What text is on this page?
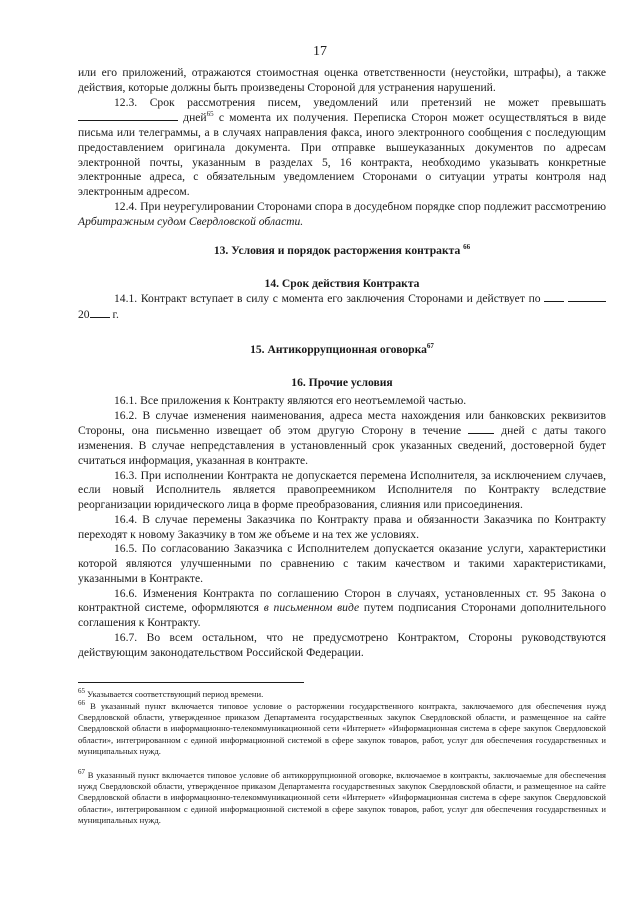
17

или его приложений, отражаются стоимостная оценка ответственности (неустойки, штрафы), а также действия, которые должны быть произведены Стороной для устранения нарушений.

12.3. Срок рассмотрения писем, уведомлений или претензий не может превышать  дней$^{65}$ с момента их получения. Переписка Сторон может осуществляться в виде письма или телеграммы, а в случаях направления факса, иного электронного сообщения с последующим предоставлением оригинала документа. При отправке вышеуказанных документов по адресам электронной почты, указанным в разделах 5, 16 контракта, необходимо указывать конкретные электронные адреса, с обязательным уведомлением Сторонами о ситуации утраты контроля над электронным адресом.

12.4. При неурегулировании Сторонами спора в досудебном порядке спор подлежит рассмотрению Арбитражным судом Свердловской области.

13. Условия и порядок расторжения контракта $^{66}$

14. Срок действия Контракта

14.1. Контракт вступает в силу с момента его заключения Сторонами и действует по   20 г.

15. Антикоррупционная оговорка$^{67}$

16. Прочие условия

16.1. Все приложения к Контракту являются его неотъемлемой частью.

16.2. В случае изменения наименования, адреса места нахождения или банковских реквизитов Стороны, она письменно извещает об этом другую Сторону в течение	дней с даты такого изменения. В случае непредставления в установленный срок указанных сведений, достоверной будет считаться информация, указанная в контракте.

16.3. При исполнении Контракта не допускается перемена Исполнителя, за исключением случаев, если новый Исполнитель является правопреемником Исполнителя по Контракту вследствие реорганизации юридического лица в форме преобразования, слияния или присоединения.

16.4. В случае перемены Заказчика по Контракту права и обязанности Заказчика по Контракту переходят к новому Заказчику в том же объеме и на тех же условиях.

16.5. По согласованию Заказчика с Исполнителем допускается оказание услуги, характеристики которой являются улучшенными по сравнению с таким качеством и такими характеристиками, указанными в Контракте.

16.6. Изменения Контракта по соглашению Сторон в случаях, установленных ст. 95 Закона о контрактной системе, оформляются в письменном виде путем подписания Сторонами дополнительного соглашения к Контракту.

16.7. Во всем остальном, что не предусмотрено Контрактом, Стороны руководствуются действующим законодательством Российской Федерации.

$^{65}$ Указывается соответствующий период времени.

$^{66}$ В указанный пункт включается типовое условие о расторжении государственного контракта, заключаемого для обеспечения нужд Свердловской области, утвержденное приказом Департамента государственных закупок Свердловской области, и размещенное на сайте Свердловской области в информационно-телекоммуникационной сети «Интернет» «Информационная система в сфере закупок Свердловской области», интегрированном с единой информационной системой в сфере закупок товаров, работ, услуг для обеспечения государственных и муниципальных нужд.

$^{67}$ В указанный пункт включается типовое условие об антикоррупционной оговорке, включаемое в контракты, заключаемые для обеспечения нужд Свердловской области, утвержденное приказом Департамента государственных закупок Свердловской области, и размещенное на сайте Свердловской области в информационно-телекоммуникационной сети «Интернет» «Информационная система в сфере закупок Свердловской области», интегрированном с единой информационной системой в сфере закупок товаров, работ, услуг для обеспечения государственных и муниципальных нужд.
